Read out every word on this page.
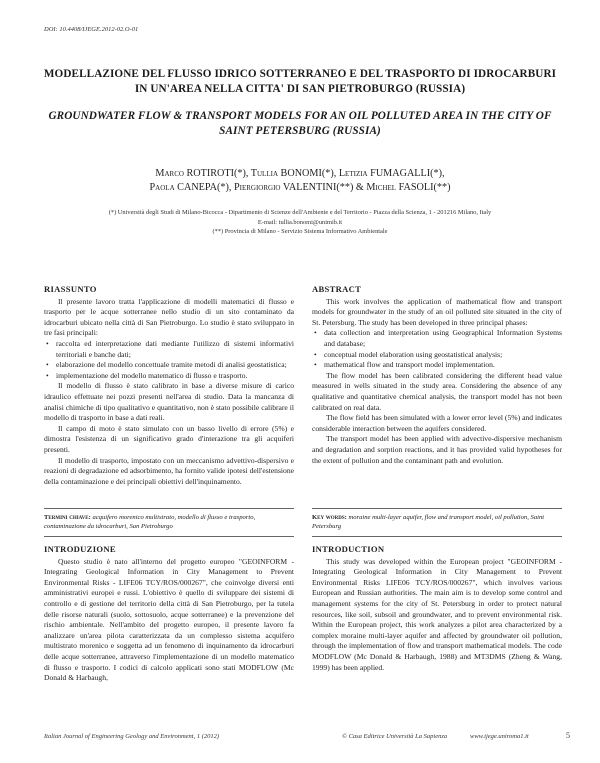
DOI: 10.4408/IJEGE.2012-02.O-01
MODELLAZIONE DEL FLUSSO IDRICO SOTTERRANEO E DEL TRASPORTO DI IDROCARBURI IN UN'AREA NELLA CITTA' DI SAN PIETROBURGO (RUSSIA)
GROUNDWATER FLOW & TRANSPORT MODELS FOR AN OIL POLLUTED AREA IN THE CITY OF SAINT PETERSBURG (RUSSIA)
Marco ROTIROTI(*), Tullia BONOMI(*), Letizia FUMAGALLI(*),
Paola CANEPA(*), Piergiorgio VALENTINI(**) & Michel FASOLI(**)
(*) Università degli Studi di Milano-Bicocca - Dipartimento di Scienze dell'Ambiente e del Territorio - Piazza della Scienza, 1 - 201216 Milano, Italy
E-mail: tullia.bonomi@unimib.it
(**) Provincia di Milano - Servizio Sistema Informativo Ambientale
RIASSUNTO

Il presente lavoro tratta l'applicazione di modelli matematici di flusso e trasporto per le acque sotterranee nello studio di un sito contaminato da idrocarburi ubicato nella città di San Pietroburgo. Lo studio è stato sviluppato in tre fasi principali:

• raccolta ed interpretazione dati mediante l'utilizzo di sistemi informativi territoriali e banche dati;
• elaborazione del modello concettuale tramite metodi di analisi geostatistica;
• implementazione del modello matematico di flusso e trasporto.

Il modello di flusso è stato calibrato in base a diverse misure di carico idraulico effettuate nei pozzi presenti nell'area di studio. Data la mancanza di analisi chimiche di tipo qualitativo e quantitativo, non è stato possibile calibrare il modello di trasporto in base a dati reali.

Il campo di moto è stato simulato con un basso livello di errore (5%) e dimostra l'esistenza di un significativo grado d'interazione tra gli acquiferi presenti.

Il modello di trasporto, impostato con un meccanismo advettivo-dispersivo e reazioni di degradazione ed adsorbimento, ha fornito valide ipotesi dell'estensione della contaminazione e dei principali obiettivi dell'inquinamento.

ABSTRACT

This work involves the application of mathematical flow and transport models for groundwater in the study of an oil polluted site situated in the city of St. Petersburg. The study has been developed in three principal phases:

• data collection and interpretation using Geographical Information Systems and database;
• conceptual model elaboration using geostatistical analysis;
• mathematical flow and transport model implementation.

The flow model has been calibrated considering the different head value measured in wells situated in the study area. Considering the absence of any qualitative and quantitative chemical analysis, the transport model has not been calibrated on real data.

The flow field has been simulated with a lower error level (5%) and indicates considerable interaction between the aquifers considered.

The transport model has been applied with advective-dispersive mechanism and degradation and sorption reactions, and it has provided valid hypotheses for the extent of pollution and the contaminant path and evolution.

Termini chiave: acquifero morenico multistrato, modello di flusso e trasporto, contaminazione da idrocarburi, San Pietroburgo
Key words: moraine multi-layer aquifer, flow and transport model, oil pollution, Saint Petersburg
INTRODUZIONE

Questo studio è nato all'interno del progetto europeo "GEOINFORM - Integrating Geological Information in City Management to Prevent Environmental Risks - LIFE06 TCY/ROS/000267", che coinvolge diversi enti amministrativi europei e russi. L'obiettivo è quello di sviluppare dei sistemi di controllo e di gestione del territorio della città di San Pietroburgo, per la tutela delle risorse naturali (suolo, sottosuolo, acque sotterranee) e la prevenzione del rischio ambientale. Nell'ambito del progetto europeo, il presente lavoro fa analizzare un'area pilota caratterizzata da un complesso sistema acquifero multistrato morenico e soggetta ad un fenomeno di inquinamento da idrocarburi delle acque sotterranee, attraverso l'implementazione di un modello matematico di flusso e trasporto. I codici di calcolo applicati sono stati MODFLOW (Mc Donald & Harbaugh,

INTRODUCTION

This study was developed within the European project "GEOINFORM - Integrating Geological Information in City Management to Prevent Environmental Risks LIFE06 TCY/ROS/000267", which involves various European and Russian authorities. The main aim is to develop some control and management systems for the city of St. Petersburg in order to protect natural resources, like soil, subsoil and groundwater, and to prevent environmental risk. Within the European project, this work analyzes a pilot area characterized by a complex moraine multi-layer aquifer and affected by groundwater oil pollution, through the implementation of flow and transport mathematical models. The code MODFLOW (Mc Donald & Harbaugh, 1988) and MT3DMS (Zheng & Wang, 1999) has been applied.

Italian Journal of Engineering Geology and Environment, 1 (2012)	© Casa Editrice Università La Sapienza	www.ijege.uniroma1.it	5
